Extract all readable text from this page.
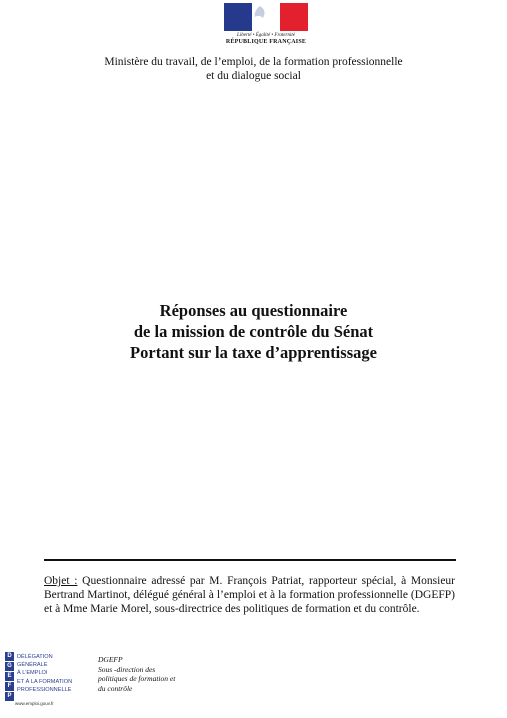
Liberté • Égalité • Fraternité
RÉPUBLIQUE FRANÇAISE
Ministère du travail, de l’emploi, de la formation professionnelle
et du dialogue social
Réponses au questionnaire
de la mission de contrôle du Sénat
Portant sur la taxe d’apprentissage
Objet : Questionnaire adressé par M. François Patriat, rapporteur spécial, à Monsieur Bertrand Martinot, délégué général à l’emploi et à la formation professionnelle (DGEFP) et à Mme Marie Morel, sous-directrice des politiques de formation et du contrôle.
D
G
E
F
P
DÉLÉGATION
GÉNÉRALE
À L’EMPLOI
ET À LA FORMATION
PROFESSIONNELLE
www.emploi.gouv.fr
DGEFP
Sous -direction des
politiques de formation et
du contrôle
